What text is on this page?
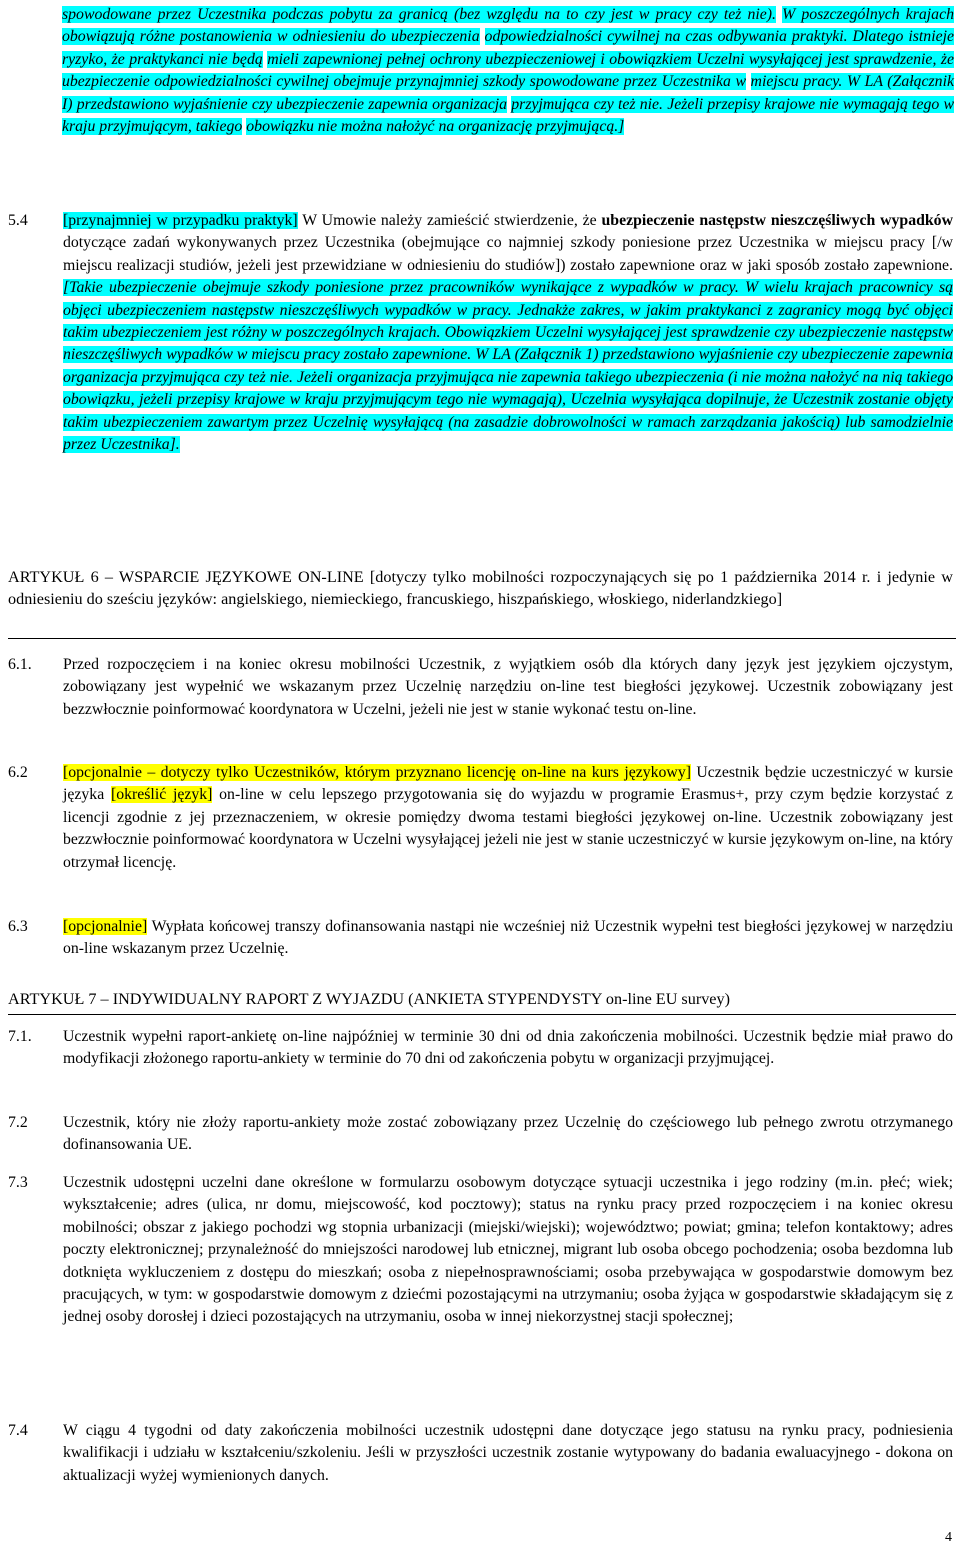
spowodowane przez Uczestnika podczas pobytu za granicą (bez względu na to czy jest w pracy czy też nie). W poszczególnych krajach obowiązują różne postanowienia w odniesieniu do ubezpieczenia odpowiedzialności cywilnej na czas odbywania praktyki. Dlatego istnieje ryzyko, że praktykanci nie będą mieli zapewnionej pełnej ochrony ubezpieczeniowej i obowiązkiem Uczelni wysyłającej jest sprawdzenie, że ubezpieczenie odpowiedzialności cywilnej obejmuje przynajmniej szkody spowodowane przez Uczestnika w miejscu pracy. W LA (Załącznik I) przedstawiono wyjaśnienie czy ubezpieczenie zapewnia organizacja przyjmująca czy też nie. Jeżeli przepisy krajowe nie wymagają tego w kraju przyjmującym, takiego obowiązku nie można nałożyć na organizację przyjmującą.]
5.4	[przynajmniej w przypadku praktyk] W Umowie należy zamieścić stwierdzenie, że ubezpieczenie następstw nieszczęśliwych wypadków dotyczące zadań wykonywanych przez Uczestnika (obejmujące co najmniej szkody poniesione przez Uczestnika w miejscu pracy [/w miejscu realizacji studiów, jeżeli jest przewidziane w odniesieniu do studiów]) zostało zapewnione oraz w jaki sposób zostało zapewnione. [Takie ubezpieczenie obejmuje szkody poniesione przez pracowników wynikające z wypadków w pracy. W wielu krajach pracownicy są objęci ubezpieczeniem następstw nieszczęśliwych wypadków w pracy. Jednakże zakres, w jakim praktykanci z zagranicy mogą być objęci takim ubezpieczeniem jest różny w poszczególnych krajach. Obowiązkiem Uczelni wysyłającej jest sprawdzenie czy ubezpieczenie następstw nieszczęśliwych wypadków w miejscu pracy zostało zapewnione. W LA (Załącznik 1) przedstawiono wyjaśnienie czy ubezpieczenie zapewnia organizacja przyjmująca czy też nie. Jeżeli organizacja przyjmująca nie zapewnia takiego ubezpieczenia (i nie można nałożyć na nią takiego obowiązku, jeżeli przepisy krajowe w kraju przyjmującym tego nie wymagają), Uczelnia wysyłająca dopilnuje, że Uczestnik zostanie objęty takim ubezpieczeniem zawartym przez Uczelnię wysyłającą (na zasadzie dobrowolności w ramach zarządzania jakością) lub samodzielnie przez Uczestnika].
ARTYKUŁ 6 – WSPARCIE JĘZYKOWE ON-LINE [dotyczy tylko mobilności rozpoczynających się po 1 października 2014 r. i jedynie w odniesieniu do sześciu języków: angielskiego, niemieckiego, francuskiego, hiszpańskiego, włoskiego, niderlandzkiego]
6.1.	Przed rozpoczęciem i na koniec okresu mobilności Uczestnik, z wyjątkiem osób dla których dany język jest językiem ojczystym, zobowiązany jest wypełnić we wskazanym przez Uczelnię narzędziu on-line test biegłości językowej. Uczestnik zobowiązany jest bezzwłocznie poinformować koordynatora w Uczelni, jeżeli nie jest w stanie wykonać testu on-line.
6.2	[opcjonalnie – dotyczy tylko Uczestników, którym przyznano licencję on-line na kurs językowy] Uczestnik będzie uczestniczyć w kursie języka [określić język] on-line w celu lepszego przygotowania się do wyjazdu w programie Erasmus+, przy czym będzie korzystać z licencji zgodnie z jej przeznaczeniem, w okresie pomiędzy dwoma testami biegłości językowej on-line. Uczestnik zobowiązany jest bezzwłocznie poinformować koordynatora w Uczelni wysyłającej jeżeli nie jest w stanie uczestniczyć w kursie językowym on-line, na który otrzymał licencję.
6.3	[opcjonalnie] Wypłata końcowej transzy dofinansowania nastąpi nie wcześniej niż Uczestnik wypełni test biegłości językowej w narzędziu on-line wskazanym przez Uczelnię.
ARTYKUŁ 7 – INDYWIDUALNY RAPORT Z WYJAZDU (ANKIETA STYPENDYSTY on-line EU survey)
7.1.	Uczestnik wypełni raport-ankietę on-line najpóźniej w terminie 30 dni od dnia zakończenia mobilności. Uczestnik będzie miał prawo do modyfikacji złożonego raportu-ankiety w terminie do 70 dni od zakończenia pobytu w organizacji przyjmującej.
7.2	Uczestnik, który nie złoży raportu-ankiety może zostać zobowiązany przez Uczelnię do częściowego lub pełnego zwrotu otrzymanego dofinansowania UE.
7.3	Uczestnik udostępni uczelni dane określone w formularzu osobowym dotyczące sytuacji uczestnika i jego rodziny (m.in. płeć; wiek; wykształcenie; adres (ulica, nr domu, miejscowość, kod pocztowy); status na rynku pracy przed rozpoczęciem i na koniec okresu mobilności; obszar z jakiego pochodzi wg stopnia urbanizacji (miejski/wiejski); województwo; powiat; gmina; telefon kontaktowy; adres poczty elektronicznej; przynależność do mniejszości narodowej lub etnicznej, migrant lub osoba obcego pochodzenia; osoba bezdomna lub dotknięta wykluczeniem z dostępu do mieszkań; osoba z niepełnosprawnościami; osoba przebywająca w gospodarstwie domowym bez pracujących, w tym: w gospodarstwie domowym z dziećmi pozostającymi na utrzymaniu; osoba żyjąca w gospodarstwie składającym się z jednej osoby dorosłej i dzieci pozostających na utrzymaniu, osoba w innej niekorzystnej stacji społecznej;
7.4	W ciągu 4 tygodni od daty zakończenia mobilności uczestnik udostępni dane dotyczące jego statusu na rynku pracy, podniesienia kwalifikacji i udziału w kształceniu/szkoleniu. Jeśli w przyszłości uczestnik zostanie wytypowany do badania ewaluacyjnego - dokona on aktualizacji wyżej wymienionych danych.
4
